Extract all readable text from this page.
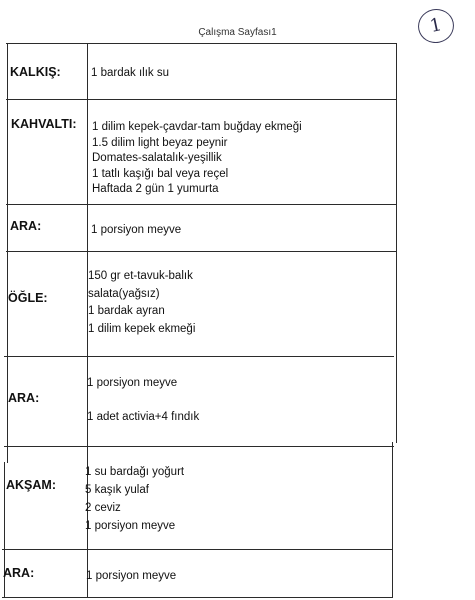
Çalışma Sayfası1	1
KALKIŞ:	1 bardak ılık su
KAHVALTI: 1 dilim kepek-çavdar-tam buğday ekmeği
1.5 dilim light beyaz peynir
Domates-salatalık-yeşillik
1 tatlı kaşığı bal veya reçel
Haftada 2 gün 1 yumurta
ARA:	1 porsiyon meyve
ÖĞLE:
150 gr et-tavuk-balık
salata(yağsız)
1 bardak ayran
1 dilim kepek ekmeği
ARA:
1 porsiyon meyve
1 adet activia+4 fındık
AKŞAM:
1 su bardağı yoğurt
5 kaşık yulaf
2 ceviz
1 porsiyon meyve
ARA:	1 porsiyon meyve
